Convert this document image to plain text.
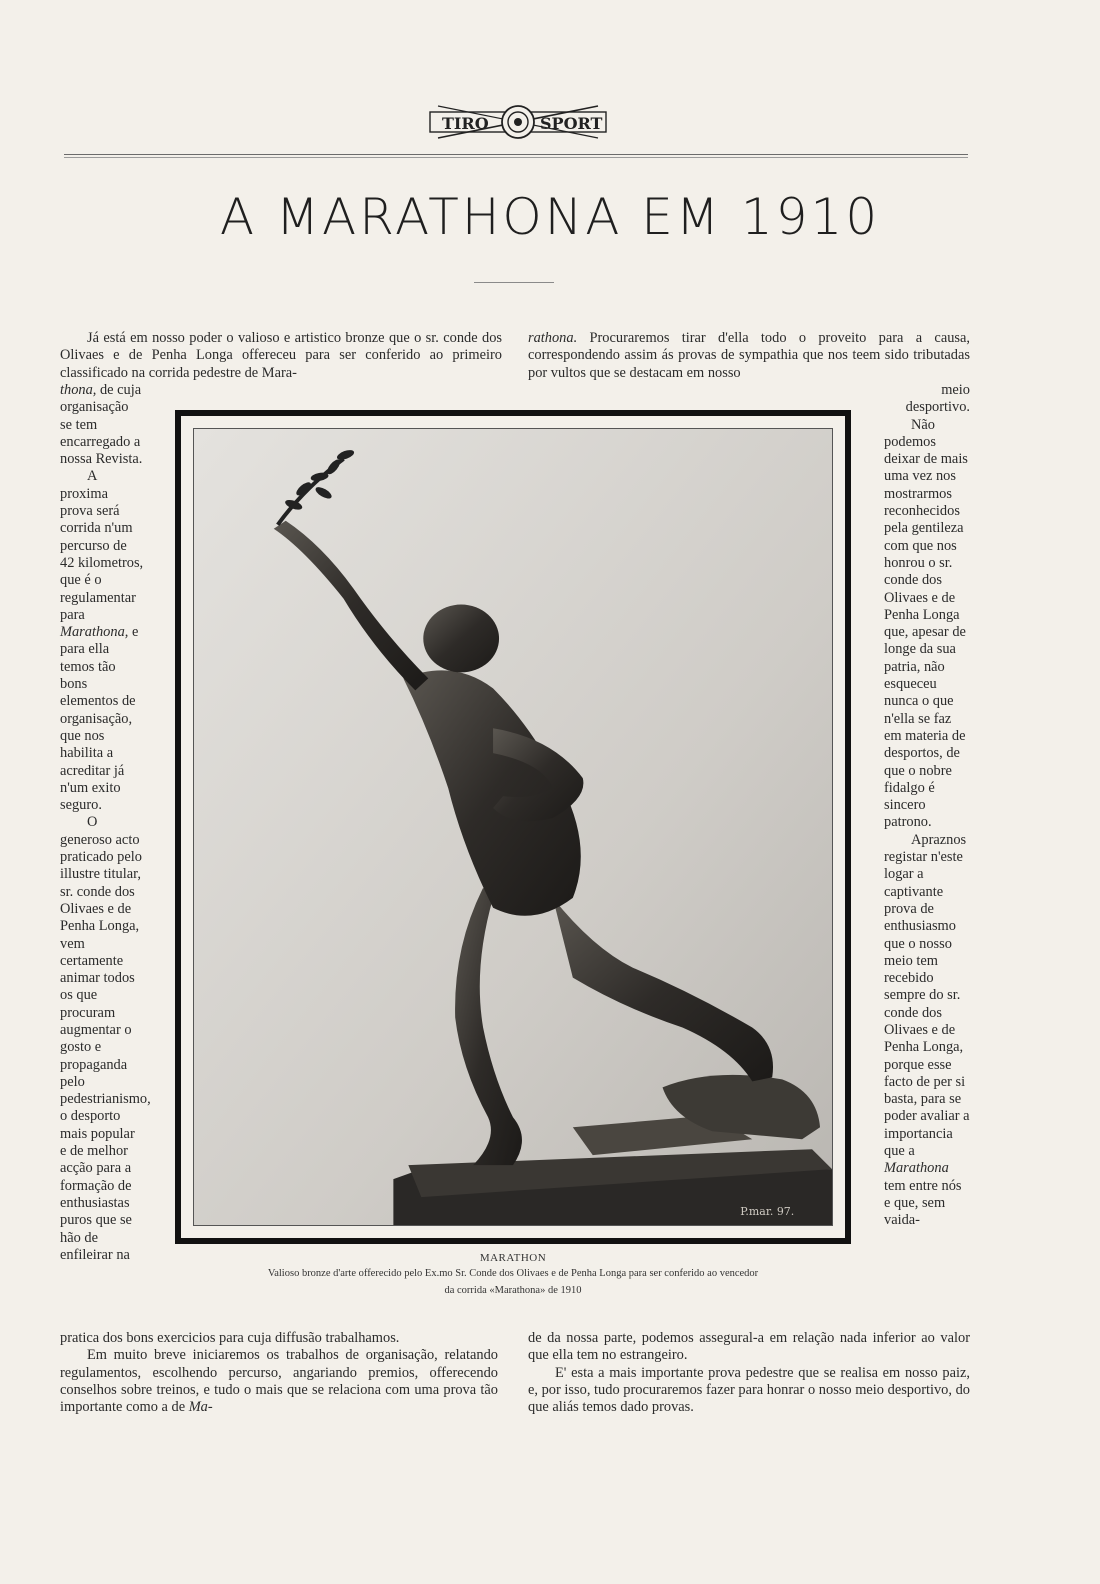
TIRO	SPORT
A MARATHONA EM 1910

Já está em nosso poder o valioso e artistico bronze que o sr. conde dos Olivaes e de Penha Longa offereceu para ser conferido ao primeiro classificado na corrida pedestre de Mara-

rathona. Procuraremos tirar d'ella todo o proveito para a causa, correspondendo assim ás provas de sympathia que nos teem sido tributadas por vultos que se destacam em nosso

thona, de cuja organisação se tem encarregado a nossa Revista.

A proxima prova será corrida n'um percurso de 42 kilometros, que é o regulamentar para Marathona, e para ella temos tão bons elementos de organisação, que nos habilita a acreditar já n'um exito seguro.

O generoso acto praticado pelo illustre titular, sr. conde dos Olivaes e de Penha Longa, vem certamente animar todos os que procuram augmentar o gosto e propaganda pelo pedestrianismo, o desporto mais popular e de melhor acção para a formação de enthusiastas puros que se hão de enfileirar na

meio desportivo.

Não podemos deixar de mais uma vez nos mostrarmos reconhecidos pela gentileza com que nos honrou o sr. conde dos Olivaes e de Penha Longa que, apesar de longe da sua patria, não esqueceu nunca o que n'ella se faz em materia de desportos, de que o nobre fidalgo é sincero patrono.

Apraznos registar n'este logar a captivante prova de enthusiasmo que o nosso meio tem recebido sempre do sr. conde dos Olivaes e de Penha Longa, porque esse facto de per si basta, para se poder avaliar a importancia que a Marathona tem entre nós e que, sem vaida-

P.mar. 97.
MARATHON
Valioso bronze d'arte offerecido pelo Ex.mo Sr. Conde dos Olivaes e de Penha Longa para ser conferido ao vencedor
da corrida «Marathona» de 1910

pratica dos bons exercicios para cuja diffusão trabalhamos.

Em muito breve iniciaremos os trabalhos de organisação, relatando regulamentos, escolhendo percurso, angariando premios, offerecendo conselhos sobre treinos, e tudo o mais que se relaciona com uma prova tão importante como a de Ma-

de da nossa parte, podemos assegural-a em relação nada inferior ao valor que ella tem no estrangeiro.

E' esta a mais importante prova pedestre que se realisa em nosso paiz, e, por isso, tudo procuraremos fazer para honrar o nosso meio desportivo, do que aliás temos dado provas.
